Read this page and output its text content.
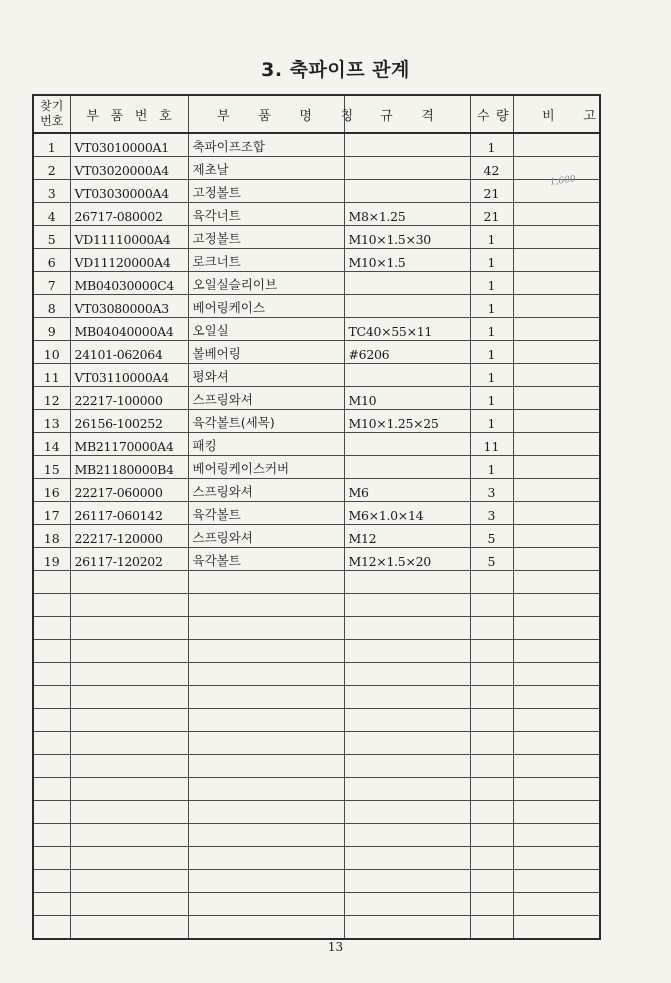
3. 축파이프 관계
찾기
번호	부품번호	부품명칭	규격	수량	비고
1	VT03010000A1	축파이프조합		1	
2	VT03020000A4	제초날		42	
3	VT03030000A4	고정볼트		21	
4	26717-080002	육각너트	M8×1.25	21	
5	VD11110000A4	고정볼트	M10×1.5×30	1	
6	VD11120000A4	로크너트	M10×1.5	1	
7	MB04030000C4	오일실슬리이브		1	
8	VT03080000A3	베어링케이스		1	
9	MB04040000A4	오일실	TC40×55×11	1	
10	24101-062064	볼베어링	#6206	1	
11	VT03110000A4	평와셔		1	
12	22217-100000	스프링와셔	M10	1	
13	26156-100252	육각볼트(세목)	M10×1.25×25	1	
14	MB21170000A4	패킹		11	
15	MB21180000B4	베어링케이스커버		1	
16	22217-060000	스프링와셔	M6	3	
17	26117-060142	육각볼트	M6×1.0×14	3	
18	22217-120000	스프링와셔	M12	5	
19	26117-120202	육각볼트	M12×1.5×20	5	

1,600
13
